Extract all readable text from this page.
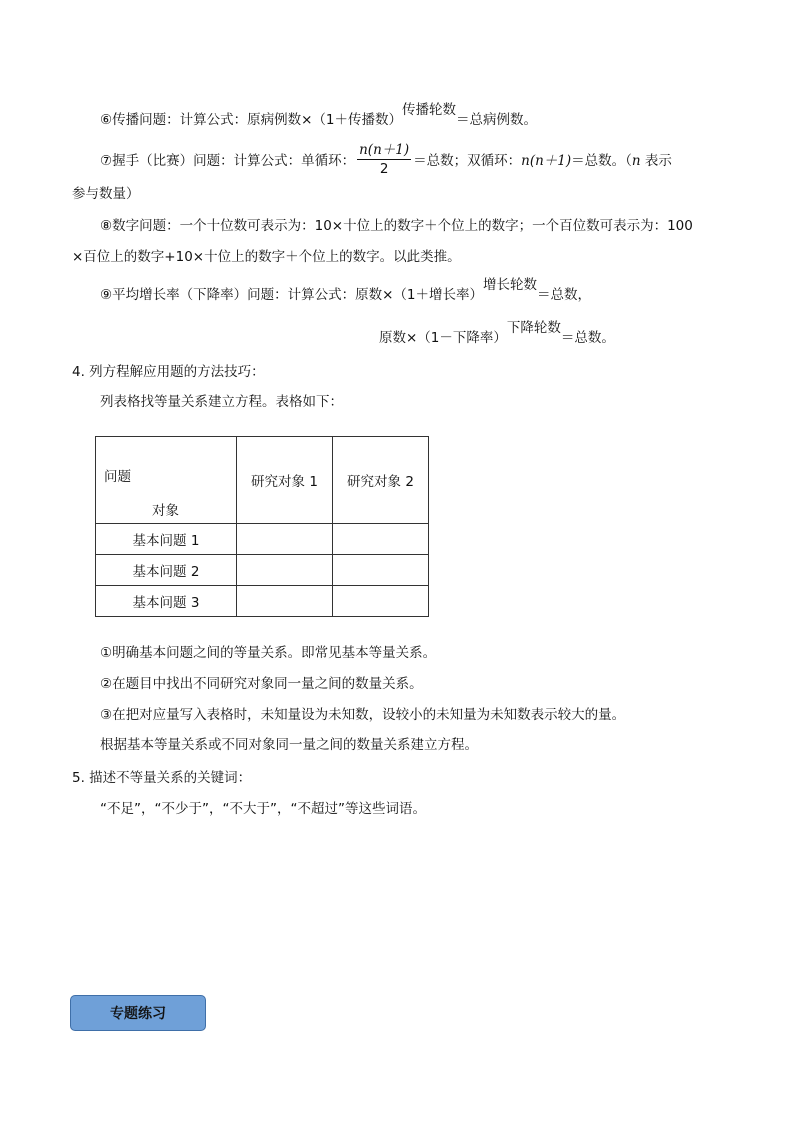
⑥传播问题：计算公式：原病例数×（1＋传播数）传播轮数＝总病例数。
⑦握手（比赛）问题：计算公式：单循环： $\frac{n(n+1)}{2}$ ＝总数；双循环：n(n＋1)＝总数。（n 表示
参与数量）
⑧数字问题：一个十位数可表示为：10×十位上的数字＋个位上的数字；一个百位数可表示为：100
×百位上的数字+10×十位上的数字＋个位上的数字。以此类推。
⑨平均增长率（下降率）问题：计算公式：原数×（1＋增长率）增长轮数＝总数，
原数×（1－下降率）下降轮数＝总数。
4. 列方程解应用题的方法技巧：
列表格找等量关系建立方程。表格如下：
问题
对象	研究对象 1	研究对象 2
基本问题 1		
基本问题 2		
基本问题 3		
①明确基本问题之间的等量关系。即常见基本等量关系。
②在题目中找出不同研究对象同一量之间的数量关系。
③在把对应量写入表格时，未知量设为未知数，设较小的未知量为未知数表示较大的量。
根据基本等量关系或不同对象同一量之间的数量关系建立方程。
5. 描述不等量关系的关键词：
“不足”，“不少于”，“不大于”，“不超过”等这些词语。
专题练习
